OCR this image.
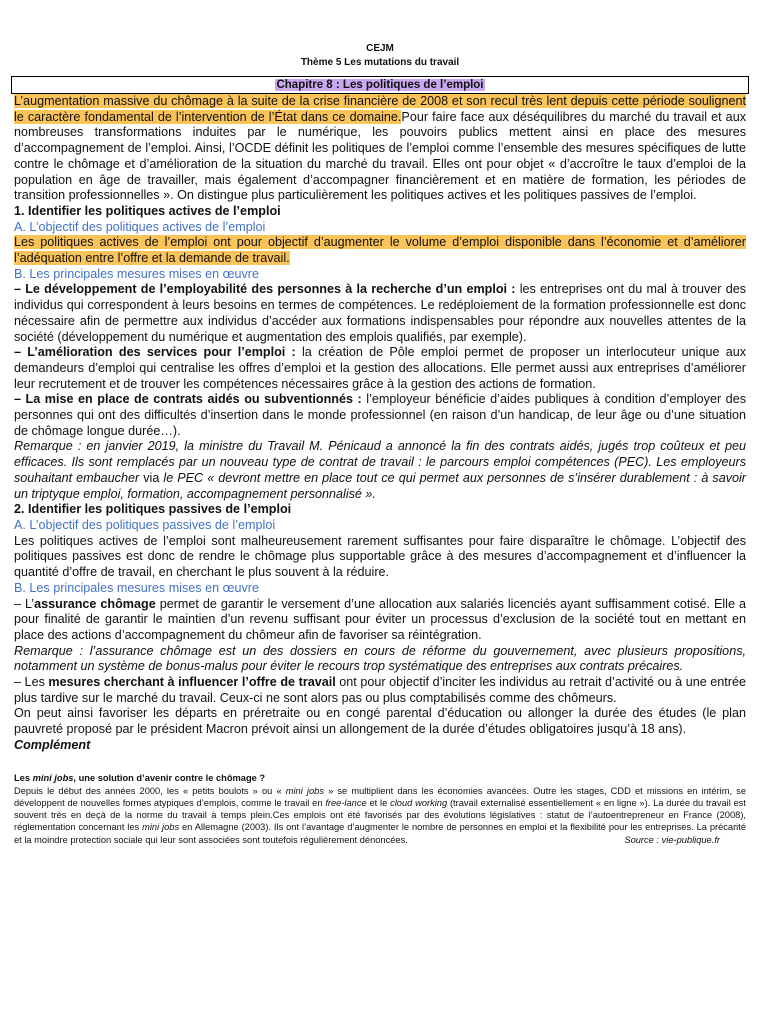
CEJM
Thème 5 Les mutations du travail
Chapitre 8 : Les politiques de l’emploi

L’augmentation massive du chômage à la suite de la crise financière de 2008 et son recul très lent depuis cette période soulignent le caractère fondamental de l’intervention de l’État dans ce domaine.Pour faire face aux déséquilibres du marché du travail et aux nombreuses transformations induites par le numérique, les pouvoirs publics mettent ainsi en place des mesures d’accompagnement de l’emploi. Ainsi, l’OCDE définit les politiques de l’emploi comme l’ensemble des mesures spécifiques de lutte contre le chômage et d’amélioration de la situation du marché du travail. Elles ont pour objet « d’accroître le taux d’emploi de la population en âge de travailler, mais également d’accompagner financièrement et en matière de formation, les périodes de transition professionnelles ». On distingue plus particulièrement les politiques actives et les politiques passives de l’emploi.

1. Identifier les politiques actives de l’emploi
A. L’objectif des politiques actives de l’emploi

Les politiques actives de l’emploi ont pour objectif d’augmenter le volume d’emploi disponible dans l’économie et d’améliorer l’adéquation entre l’offre et la demande de travail.

B. Les principales mesures mises en œuvre

– Le développement de l’employabilité des personnes à la recherche d’un emploi : les entreprises ont du mal à trouver des individus qui correspondent à leurs besoins en termes de compétences. Le redéploiement de la formation professionnelle est donc nécessaire afin de permettre aux individus d’accéder aux formations indispensables pour répondre aux nouvelles attentes de la société (développement du numérique et augmentation des emplois qualifiés, par exemple).

– L’amélioration des services pour l’emploi : la création de Pôle emploi permet de proposer un interlocuteur unique aux demandeurs d’emploi qui centralise les offres d’emploi et la gestion des allocations. Elle permet aussi aux entreprises d’améliorer leur recrutement et de trouver les compétences nécessaires grâce à la gestion des actions de formation.

– La mise en place de contrats aidés ou subventionnés : l’employeur bénéficie d’aides publiques à condition d’employer des personnes qui ont des difficultés d’insertion dans le monde professionnel (en raison d’un handicap, de leur âge ou d’une situation de chômage longue durée…).

Remarque : en janvier 2019, la ministre du Travail M. Pénicaud a annoncé la fin des contrats aidés, jugés trop coûteux et peu efficaces. Ils sont remplacés par un nouveau type de contrat de travail : le parcours emploi compétences (PEC). Les employeurs souhaitant embaucher via le PEC « devront mettre en place tout ce qui permet aux personnes de s’insérer durablement : à savoir un triptyque emploi, formation, accompagnement personnalisé ».

2. Identifier les politiques passives de l’emploi
A. L’objectif des politiques passives de l’emploi

Les politiques actives de l’emploi sont malheureusement rarement suffisantes pour faire disparaître le chômage. L’objectif des politiques passives est donc de rendre le chômage plus supportable grâce à des mesures d’accompagnement et d’influencer la quantité d’offre de travail, en cherchant le plus souvent à la réduire.

B. Les principales mesures mises en œuvre

– L’assurance chômage permet de garantir le versement d’une allocation aux salariés licenciés ayant suffisamment cotisé. Elle a pour finalité de garantir le maintien d’un revenu suffisant pour éviter un processus d’exclusion de la société tout en mettant en place des actions d’accompagnement du chômeur afin de favoriser sa réintégration.

Remarque : l’assurance chômage est un des dossiers en cours de réforme du gouvernement, avec plusieurs propositions, notamment un système de bonus-malus pour éviter le recours trop systématique des entreprises aux contrats précaires.

– Les mesures cherchant à influencer l’offre de travail ont pour objectif d’inciter les individus au retrait d’activité ou à une entrée plus tardive sur le marché du travail. Ceux-ci ne sont alors pas ou plus comptabilisés comme des chômeurs.

On peut ainsi favoriser les départs en préretraite ou en congé parental d’éducation ou allonger la durée des études (le plan pauvreté proposé par le président Macron prévoit ainsi un allongement de la durée d’études obligatoires jusqu’à 18 ans).

Complément
Les mini jobs, une solution d’avenir contre le chômage ?

Depuis le début des années 2000, les « petits boulots » ou « mini jobs » se multiplient dans les économies avancées. Outre les stages, CDD et missions en intérim, se développent de nouvelles formes atypiques d’emplois, comme le travail en free-lance et le cloud working (travail externalisé essentiellement « en ligne »). La durée du travail est souvent très en deçà de la norme du travail à temps plein.Ces emplois ont été favorisés par des évolutions législatives : statut de l’autoentrepreneur en France (2008), réglementation concernant les mini jobs en Allemagne (2003). Ils ont l’avantage d’augmenter le nombre de personnes en emploi et la flexibilité pour les entreprises. La précarité et la moindre protection sociale qui leur sont associées sont toutefois régulièrement dénoncées.	Source : vie-publique.fr
